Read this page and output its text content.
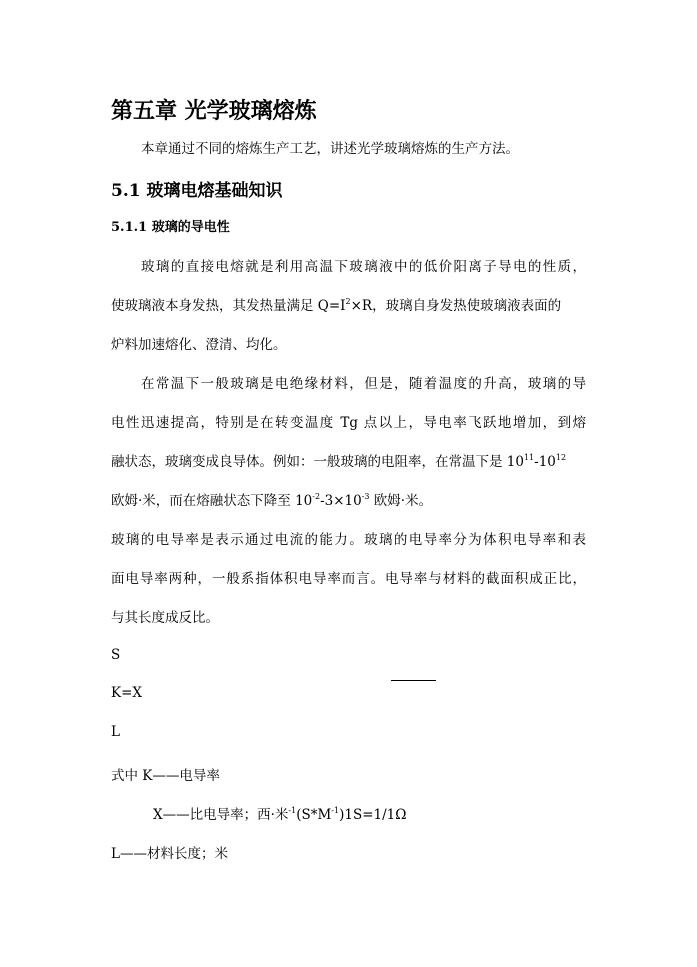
第五章 光学玻璃熔炼
本章通过不同的熔炼生产工艺，讲述光学玻璃熔炼的生产方法。
5.1 玻璃电熔基础知识
5.1.1 玻璃的导电性
玻璃的直接电熔就是利用高温下玻璃液中的低价阳离子导电的性质，
使玻璃液本身发热，其发热量满足 $Q=I^2\times R$，玻璃自身发热使玻璃液表面的
炉料加速熔化、澄清、均化。
在常温下一般玻璃是电绝缘材料，但是，随着温度的升高，玻璃的导
电性迅速提高，特别是在转变温度 Tg 点以上，导电率飞跃地增加，到熔
融状态，玻璃变成良导体。例如：一般玻璃的电阻率，在常温下是 $10^{11}-10^{12}$
欧姆·米，而在熔融状态下降至 $10^{-2}-3\times 10^{-3}$ 欧姆·米。
玻璃的电导率是表示通过电流的能力。玻璃的电导率分为体积电导率和表
面电导率两种，一般系指体积电导率而言。电导率与材料的截面积成正比，
与其长度成反比。
S
K=X
L
式中 K——电导率
X——比电导率；西·米$^{-1}(S*M^{-1})1S=1/1\Omega$
L——材料长度；米
